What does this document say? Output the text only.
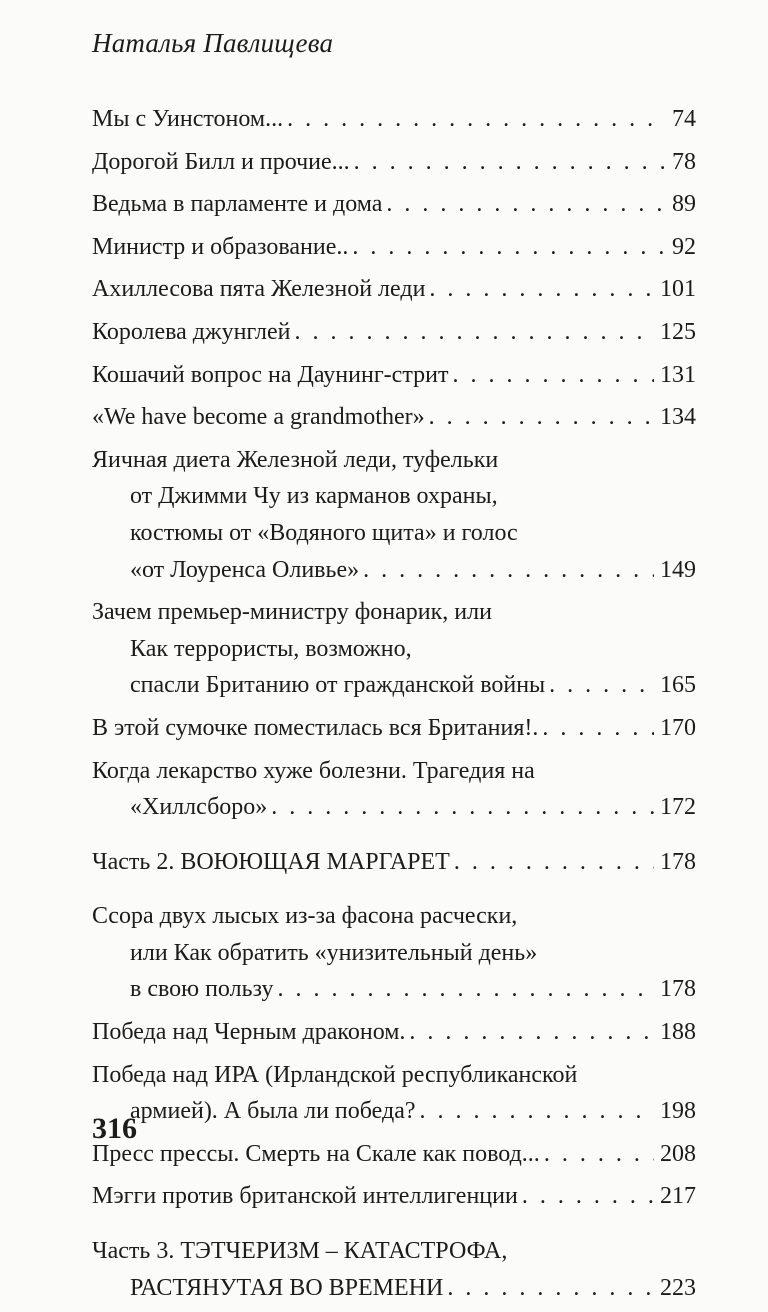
Наталья Павлищева
Мы с Уинстоном... . . .	74
Дорогой Билл и прочие... . . .	78
Ведьма в парламенте и дома . . .	89
Министр и образование.. . . .	92
Ахиллесова пята Железной леди . . .	101
Королева джунглей . . .	125
Кошачий вопрос на Даунинг-стрит . . .	131
«We have become a grandmother» . . .	134
Яичная диета Железной леди, туфельки
от Джимми Чу из карманов охраны,
костюмы от «Водяного щита» и голос
«от Лоуренса Оливье» . . .	149
Зачем премьер-министру фонарик, или
Как террористы, возможно,
спасли Британию от гражданской войны . . .	165
В этой сумочке поместилась вся Британия!. . . .	170
Когда лекарство хуже болезни. Трагедия на
«Хиллсборо» . . .	172
Часть 2. ВОЮЮЩАЯ МАРГАРЕТ . . .	178
Ссора двух лысых из-за фасона расчески,
или Как обратить «унизительный день»
в свою пользу . . .	178
Победа над Черным драконом. . . .	188
Победа над ИРА (Ирландской республиканской
армией). А была ли победа? . . .	198
Пресс прессы. Смерть на Скале как повод... . . .	208
Мэгги против британской интеллигенции . . .	217
Часть 3. ТЭТЧЕРИЗМ – КАТАСТРОФА,
РАСТЯНУТАЯ ВО ВРЕМЕНИ . . .	223
316
